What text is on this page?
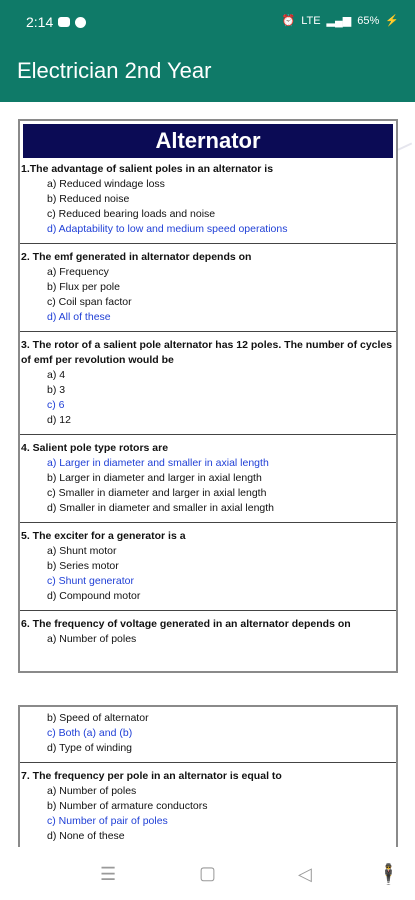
2:14	⏰ LTE ▂▄▆ 65% ⚡
Electrician 2nd Year
Alternator
1.The advantage of salient poles in an alternator is
a) Reduced windage loss
b) Reduced noise
c) Reduced bearing loads and noise
d) Adaptability to low and medium speed operations
2. The emf generated in alternator depends on
a) Frequency
b) Flux per pole
c) Coil span factor
d) All of these
3. The rotor of a salient pole alternator has 12 poles. The number of cycles of emf per revolution would be
a) 4
b) 3
c) 6
d) 12
4. Salient pole type rotors are
a) Larger in diameter and smaller in axial length
b) Larger in diameter and larger in axial length
c) Smaller in diameter and larger in axial length
d) Smaller in diameter and smaller in axial length
5. The exciter for a generator is a
a) Shunt motor
b) Series motor
c) Shunt generator
d) Compound motor
6. The frequency of voltage generated in an alternator depends on
a) Number of poles
b) Speed of alternator
c) Both (a) and (b)
d) Type of winding
7. The frequency per pole in an alternator is equal to
a) Number of poles
b) Number of armature conductors
c) Number of pair of poles
d) None of these
☰	▢	◁	🕴
